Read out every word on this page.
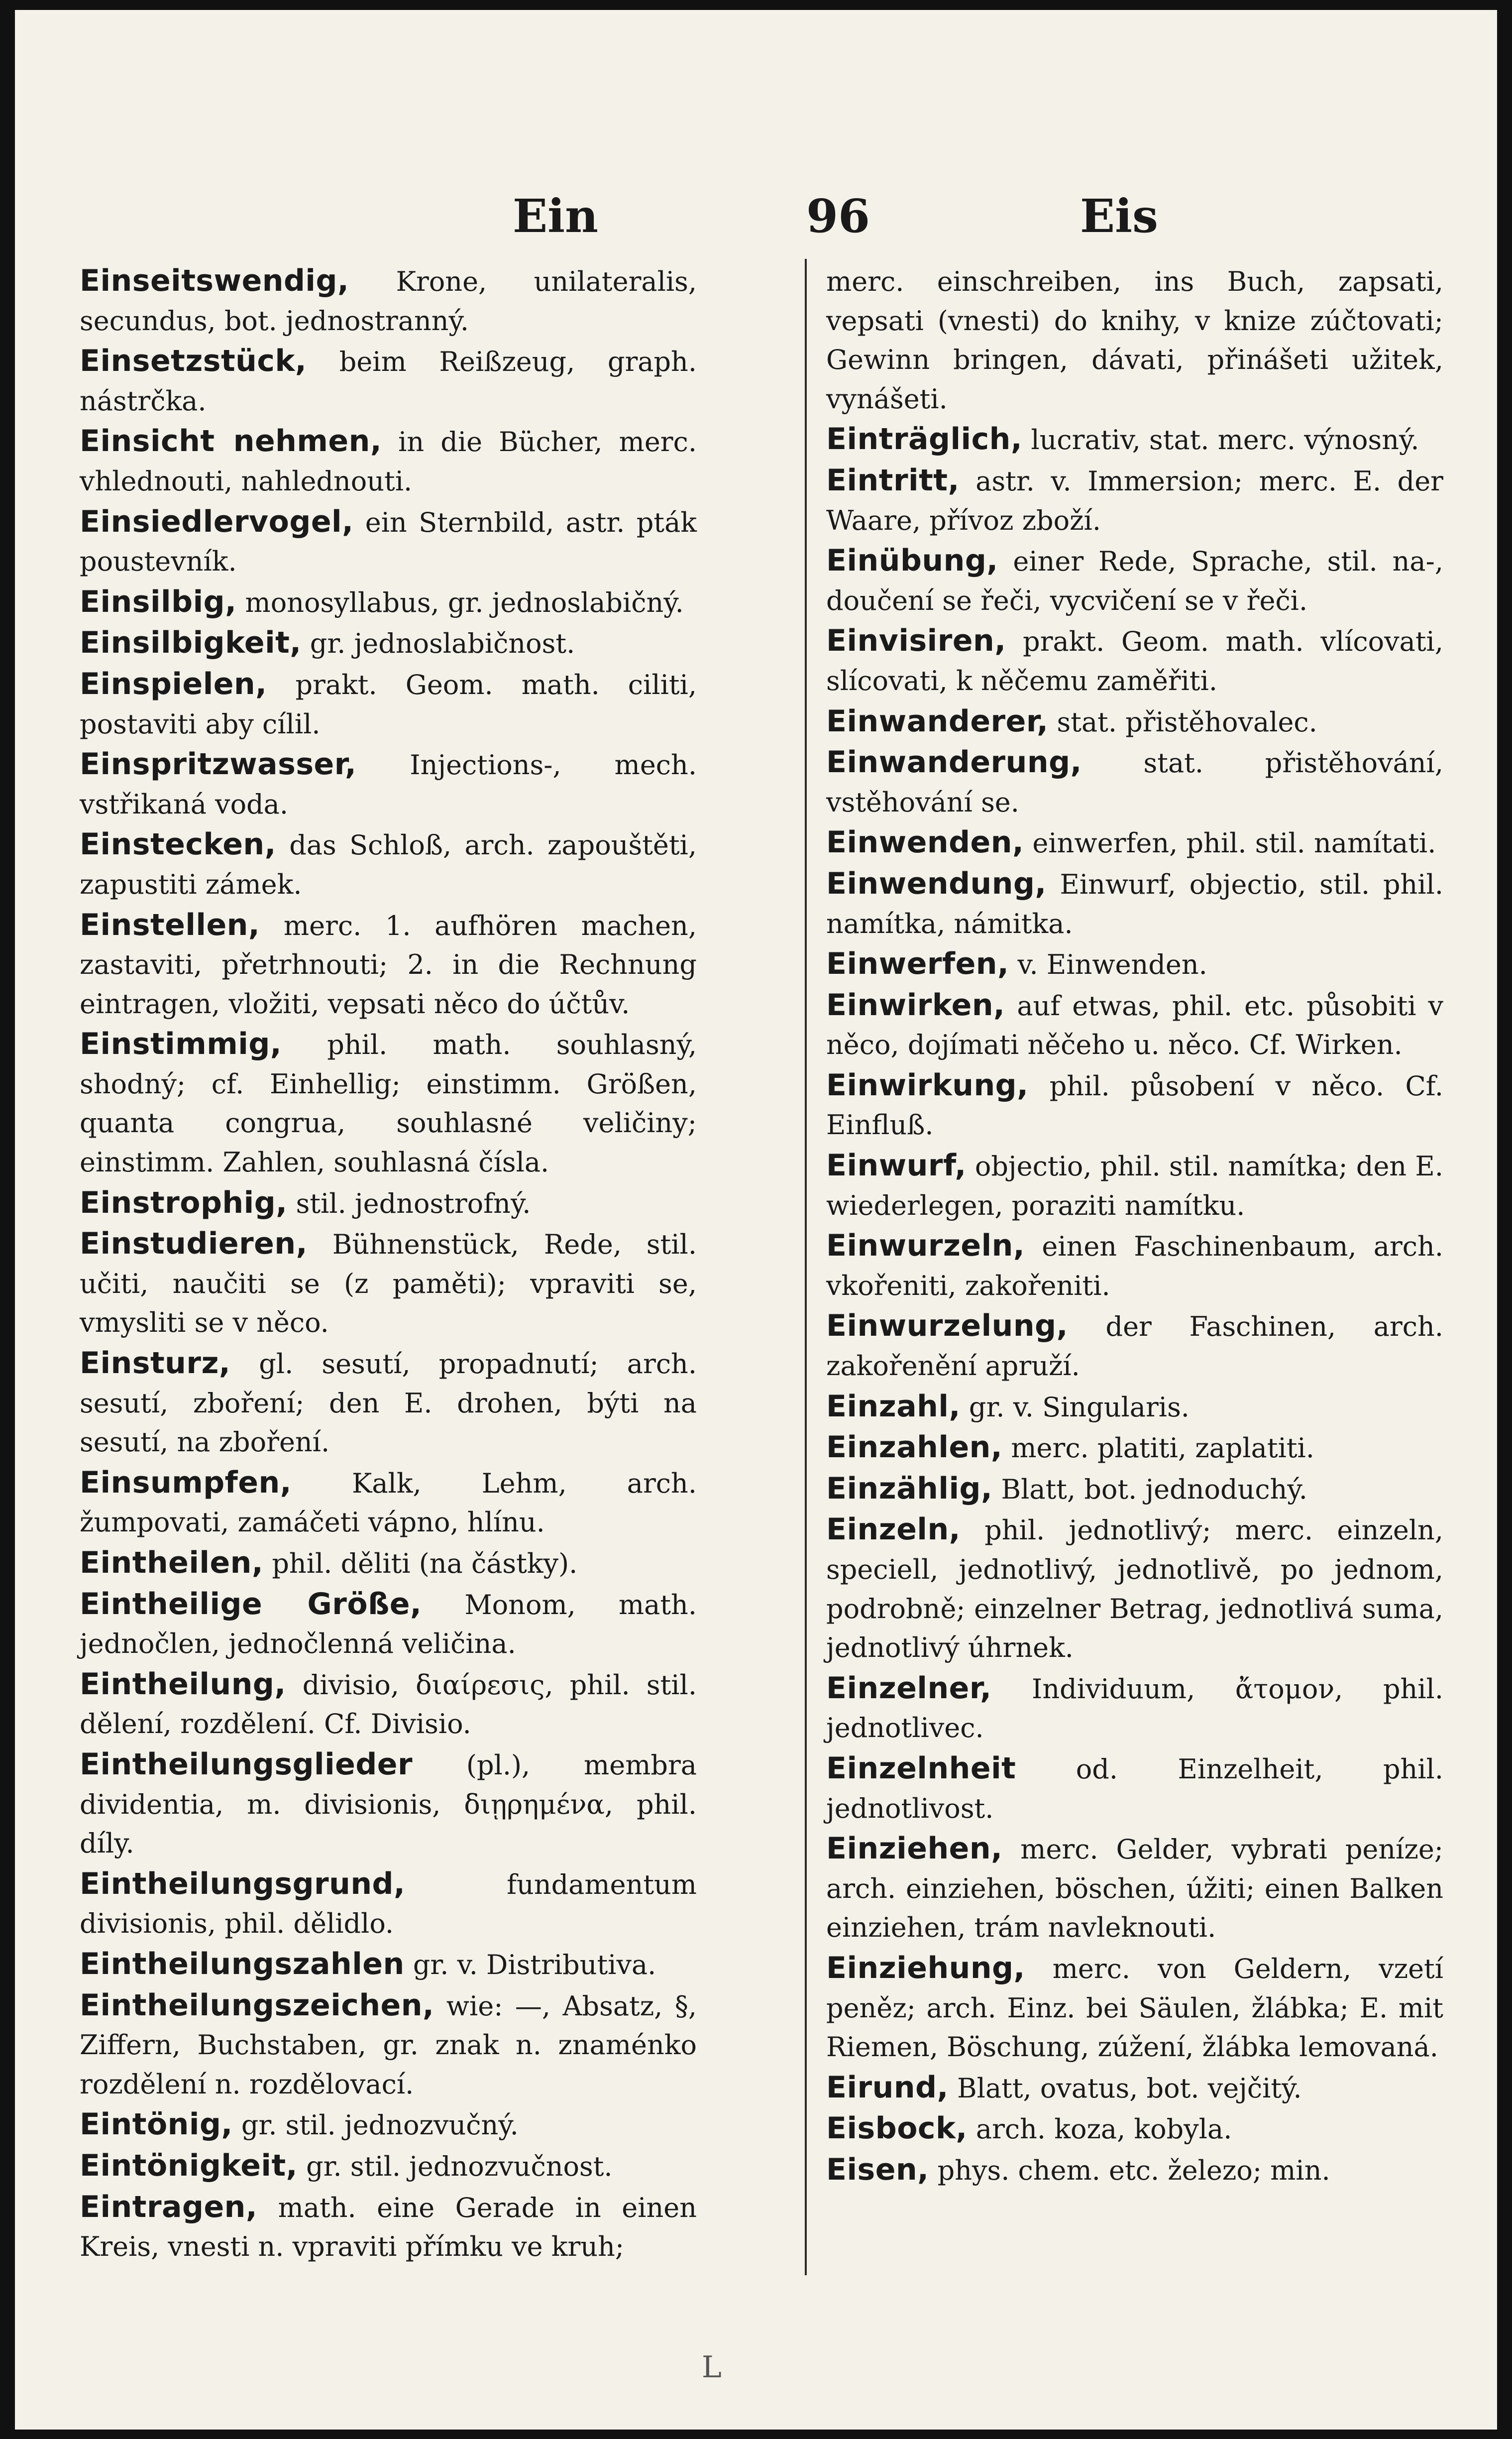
Ein	96	Eis
Einseitswendig, Krone, unilateralis, secundus, bot. jednostranný.
Einsetzstück, beim Reißzeug, graph. nástrčka.
Einsicht nehmen, in die Bücher, merc. vhlednouti, nahlednouti.
Einsiedlervogel, ein Sternbild, astr. pták poustevník.
Einsilbig, monosyllabus, gr. jednoslabičný.
Einsilbigkeit, gr. jednoslabičnost.
Einspielen, prakt. Geom. math. ciliti, postaviti aby cílil.
Einspritzwasser, Injections-, mech. vstřikaná voda.
Einstecken, das Schloß, arch. zapouštěti, zapustiti zámek.
Einstellen, merc. 1. aufhören machen, zastaviti, přetrhnouti; 2. in die Rechnung eintragen, vložiti, vepsati něco do účtův.
Einstimmig, phil. math. souhlasný, shodný; cf. Einhellig; einstimm. Größen, quanta congrua, souhlasné veličiny; einstimm. Zahlen, souhlasná čísla.
Einstrophig, stil. jednostrofný.
Einstudieren, Bühnenstück, Rede, stil. učiti, naučiti se (z paměti); vpraviti se, vmysliti se v něco.
Einsturz, gl. sesutí, propadnutí; arch. sesutí, zboření; den E. drohen, býti na sesutí, na zboření.
Einsumpfen, Kalk, Lehm, arch. žumpovati, zamáčeti vápno, hlínu.
Eintheilen, phil. děliti (na částky).
Eintheilige Größe, Monom, math. jednočlen, jednočlenná veličina.
Eintheilung, divisio, διαίρεσις, phil. stil. dělení, rozdělení. Cf. Divisio.
Eintheilungsglieder (pl.), membra dividentia, m. divisionis, διῃρημένα, phil. díly.
Eintheilungsgrund, fundamentum divisionis, phil. dělidlo.
Eintheilungszahlen gr. v. Distributiva.
Eintheilungszeichen, wie: —, Absatz, §, Ziffern, Buchstaben, gr. znak n. znaménko rozdělení n. rozdělovací.
Eintönig, gr. stil. jednozvučný.
Eintönigkeit, gr. stil. jednozvučnost.
Eintragen, math. eine Gerade in einen Kreis, vnesti n. vpraviti přímku ve kruh;
merc. einschreiben, ins Buch, zapsati, vepsati (vnesti) do knihy, v knize zúčtovati; Gewinn bringen, dávati, přinášeti užitek, vynášeti.
Einträglich, lucrativ, stat. merc. výnosný.
Eintritt, astr. v. Immersion; merc. E. der Waare, přívoz zboží.
Einübung, einer Rede, Sprache, stil. na-, doučení se řeči, vycvičení se v řeči.
Einvisiren, prakt. Geom. math. vlícovati, slícovati, k něčemu zaměřiti.
Einwanderer, stat. přistěhovalec.
Einwanderung, stat. přistěhování, vstěhování se.
Einwenden, einwerfen, phil. stil. namítati.
Einwendung, Einwurf, objectio, stil. phil. namítka, námitka.
Einwerfen, v. Einwenden.
Einwirken, auf etwas, phil. etc. působiti v něco, dojímati něčeho u. něco. Cf. Wirken.
Einwirkung, phil. působení v něco. Cf. Einfluß.
Einwurf, objectio, phil. stil. namítka; den E. wiederlegen, poraziti namítku.
Einwurzeln, einen Faschinenbaum, arch. vkořeniti, zakořeniti.
Einwurzelung, der Faschinen, arch. zakořenění apruží.
Einzahl, gr. v. Singularis.
Einzahlen, merc. platiti, zaplatiti.
Einzählig, Blatt, bot. jednoduchý.
Einzeln, phil. jednotlivý; merc. einzeln, speciell, jednotlivý, jednotlivě, po jednom, podrobně; einzelner Betrag, jednotlivá suma, jednotlivý úhrnek.
Einzelner, Individuum, ἄτομον, phil. jednotlivec.
Einzelnheit od. Einzelheit, phil. jednotlivost.
Einziehen, merc. Gelder, vybrati peníze; arch. einziehen, böschen, úžiti; einen Balken einziehen, trám navleknouti.
Einziehung, merc. von Geldern, vzetí peněz; arch. Einz. bei Säulen, žlábka; E. mit Riemen, Böschung, zúžení, žlábka lemovaná.
Eirund, Blatt, ovatus, bot. vejčitý.
Eisbock, arch. koza, kobyla.
Eisen, phys. chem. etc. železo; min.
L
